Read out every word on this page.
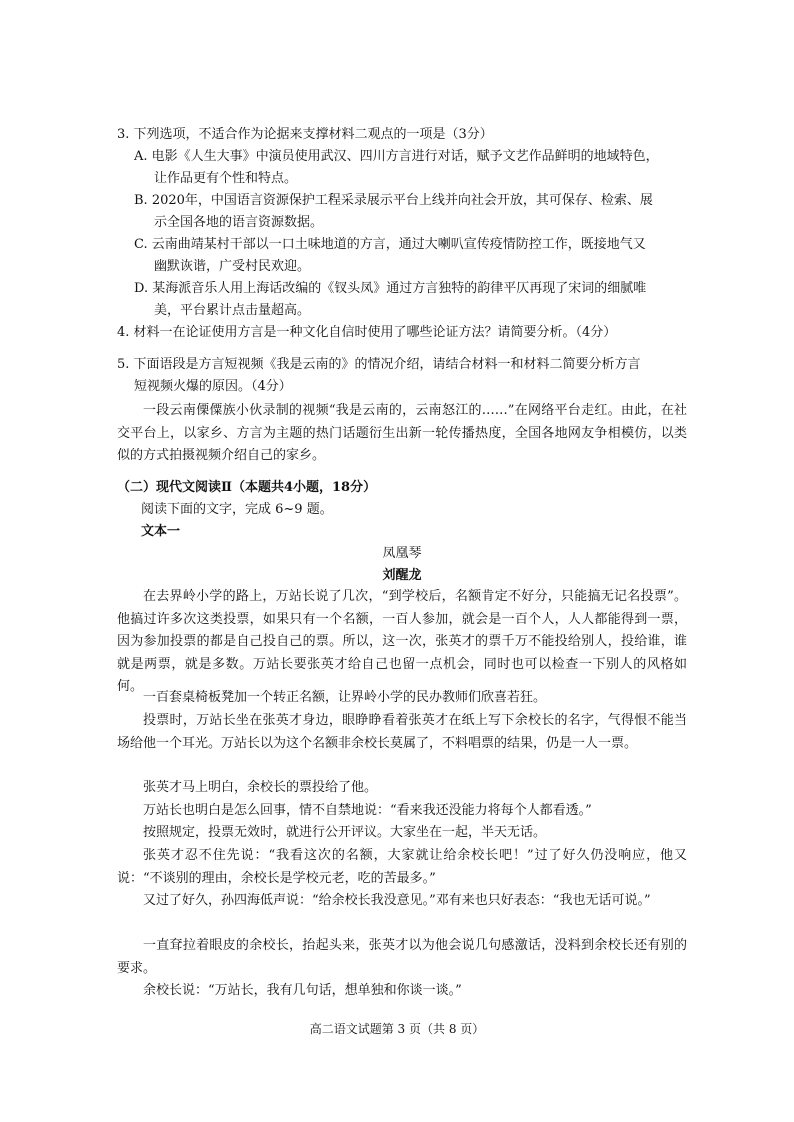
3. 下列选项，不适合作为论据来支撑材料二观点的一项是（3分）
A. 电影《人生大事》中演员使用武汉、四川方言进行对话，赋予文艺作品鲜明的地域特色，
让作品更有个性和特点。
B. 2020年，中国语言资源保护工程采录展示平台上线并向社会开放，其可保存、检索、展
示全国各地的语言资源数据。
C. 云南曲靖某村干部以一口土味地道的方言，通过大喇叭宣传疫情防控工作，既接地气又
幽默诙谐，广受村民欢迎。
D. 某海派音乐人用上海话改编的《钗头凤》通过方言独特的韵律平仄再现了宋词的细腻唯
美，平台累计点击量超高。
4. 材料一在论证使用方言是一种文化自信时使用了哪些论证方法？请简要分析。（4分）
5. 下面语段是方言短视频《我是云南的》的情况介绍，请结合材料一和材料二简要分析方言
短视频火爆的原因。（4分）
一段云南傈僳族小伙录制的视频“我是云南的，云南怒江的……”在网络平台走红。由此，在社交平台上，以家乡、方言为主题的热门话题衍生出新一轮传播热度，全国各地网友争相模仿，以类似的方式拍摄视频介绍自己的家乡。
（二）现代文阅读Ⅱ（本题共4小题，18分）
阅读下面的文字，完成 6~9 题。
文本一
凤凰琴
刘醒龙
在去界岭小学的路上，万站长说了几次，“到学校后，名额肯定不好分，只能搞无记名投票”。他搞过许多次这类投票，如果只有一个名额，一百人参加，就会是一百个人，人人都能得到一票，因为参加投票的都是自己投自己的票。所以，这一次，张英才的票千万不能投给别人，投给谁，谁就是两票，就是多数。万站长要张英才给自己也留一点机会，同时也可以检查一下别人的风格如何。
一百套桌椅板凳加一个转正名额，让界岭小学的民办教师们欣喜若狂。
投票时，万站长坐在张英才身边，眼睁睁看着张英才在纸上写下余校长的名字，气得恨不能当场给他一个耳光。万站长以为这个名额非余校长莫属了，不料唱票的结果，仍是一人一票。
张英才马上明白，余校长的票投给了他。
万站长也明白是怎么回事，情不自禁地说：“看来我还没能力将每个人都看透。”
按照规定，投票无效时，就进行公开评议。大家坐在一起，半天无话。
张英才忍不住先说：“我看这次的名额，大家就让给余校长吧！”过了好久仍没响应，他又说：“不谈别的理由，余校长是学校元老，吃的苦最多。”
又过了好久，孙四海低声说：“给余校长我没意见。”邓有来也只好表态：“我也无话可说。”
一直耷拉着眼皮的余校长，抬起头来，张英才以为他会说几句感激话，没料到余校长还有别的要求。
余校长说：“万站长，我有几句话，想单独和你谈一谈。”
高二语文试题第 3 页（共 8 页）
